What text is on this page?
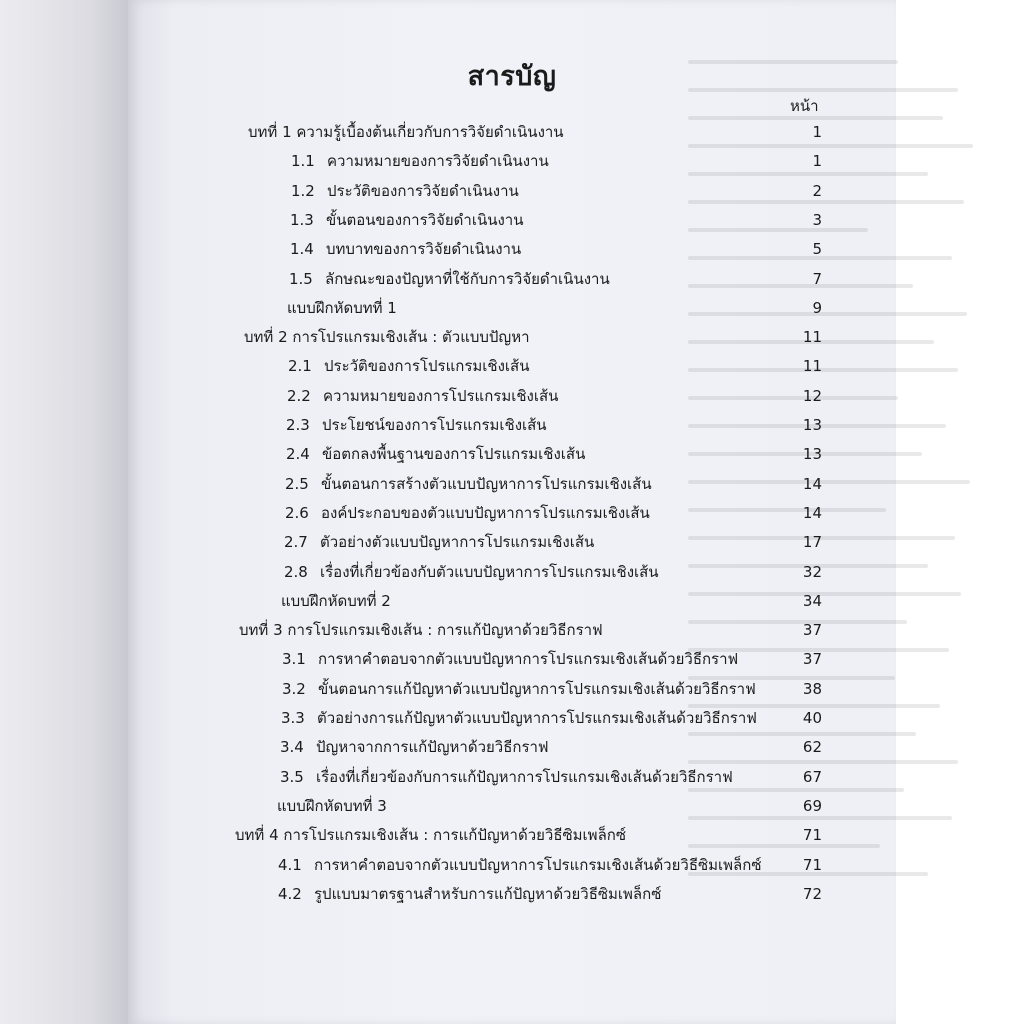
สารบัญ
หน้า
บทที่ 1 ความรู้เบื้องต้นเกี่ยวกับการวิจัยดำเนินงาน	1
1.1 ความหมายของการวิจัยดำเนินงาน	1
1.2 ประวัติของการวิจัยดำเนินงาน	2
1.3 ขั้นตอนของการวิจัยดำเนินงาน	3
1.4 บทบาทของการวิจัยดำเนินงาน	5
1.5 ลักษณะของปัญหาที่ใช้กับการวิจัยดำเนินงาน	7
แบบฝึกหัดบทที่ 1	9
บทที่ 2 การโปรแกรมเชิงเส้น : ตัวแบบปัญหา	11
2.1 ประวัติของการโปรแกรมเชิงเส้น	11
2.2 ความหมายของการโปรแกรมเชิงเส้น	12
2.3 ประโยชน์ของการโปรแกรมเชิงเส้น	13
2.4 ข้อตกลงพื้นฐานของการโปรแกรมเชิงเส้น	13
2.5 ขั้นตอนการสร้างตัวแบบปัญหาการโปรแกรมเชิงเส้น	14
2.6 องค์ประกอบของตัวแบบปัญหาการโปรแกรมเชิงเส้น	14
2.7 ตัวอย่างตัวแบบปัญหาการโปรแกรมเชิงเส้น	17
2.8 เรื่องที่เกี่ยวข้องกับตัวแบบปัญหาการโปรแกรมเชิงเส้น	32
แบบฝึกหัดบทที่ 2	34
บทที่ 3 การโปรแกรมเชิงเส้น : การแก้ปัญหาด้วยวิธีกราฟ	37
3.1 การหาคำตอบจากตัวแบบปัญหาการโปรแกรมเชิงเส้นด้วยวิธีกราฟ	37
3.2 ขั้นตอนการแก้ปัญหาตัวแบบปัญหาการโปรแกรมเชิงเส้นด้วยวิธีกราฟ	38
3.3 ตัวอย่างการแก้ปัญหาตัวแบบปัญหาการโปรแกรมเชิงเส้นด้วยวิธีกราฟ	40
3.4 ปัญหาจากการแก้ปัญหาด้วยวิธีกราฟ	62
3.5 เรื่องที่เกี่ยวข้องกับการแก้ปัญหาการโปรแกรมเชิงเส้นด้วยวิธีกราฟ	67
แบบฝึกหัดบทที่ 3	69
บทที่ 4 การโปรแกรมเชิงเส้น : การแก้ปัญหาด้วยวิธีซิมเพล็กซ์	71
4.1 การหาคำตอบจากตัวแบบปัญหาการโปรแกรมเชิงเส้นด้วยวิธีซิมเพล็กซ์	71
4.2 รูปแบบมาตรฐานสำหรับการแก้ปัญหาด้วยวิธีซิมเพล็กซ์	72
